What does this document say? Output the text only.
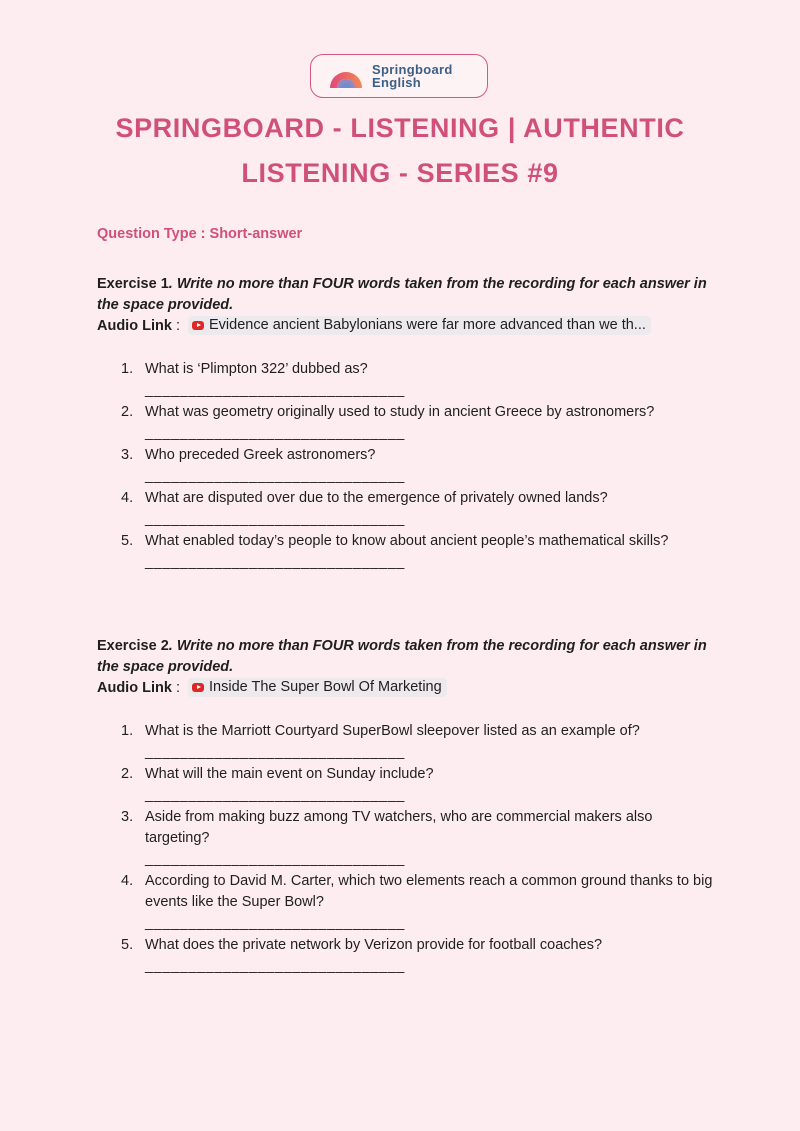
Springboard
English
SPRINGBOARD - LISTENING | AUTHENTIC LISTENING - SERIES #9

Question Type : Short-answer

Exercise 1. Write no more than FOUR words taken from the recording for each answer in the space provided.

Audio Link : Evidence ancient Babylonians were far more advanced than we th...

1. What is ‘Plimpton 322’ dubbed as?
______________________________
2. What was geometry originally used to study in ancient Greece by astronomers?
______________________________
3. Who preceded Greek astronomers?
______________________________
4. What are disputed over due to the emergence of privately owned lands?
______________________________
5. What enabled today’s people to know about ancient people’s mathematical skills?
______________________________

Exercise 2. Write no more than FOUR words taken from the recording for each answer in the space provided.

Audio Link : Inside The Super Bowl Of Marketing

1. What is the Marriott Courtyard SuperBowl sleepover listed as an example of?
______________________________
2. What will the main event on Sunday include?
______________________________
3. Aside from making buzz among TV watchers, who are commercial makers also targeting?
______________________________
4. According to David M. Carter, which two elements reach a common ground thanks to big events like the Super Bowl?
______________________________
5. What does the private network by Verizon provide for football coaches?
______________________________
